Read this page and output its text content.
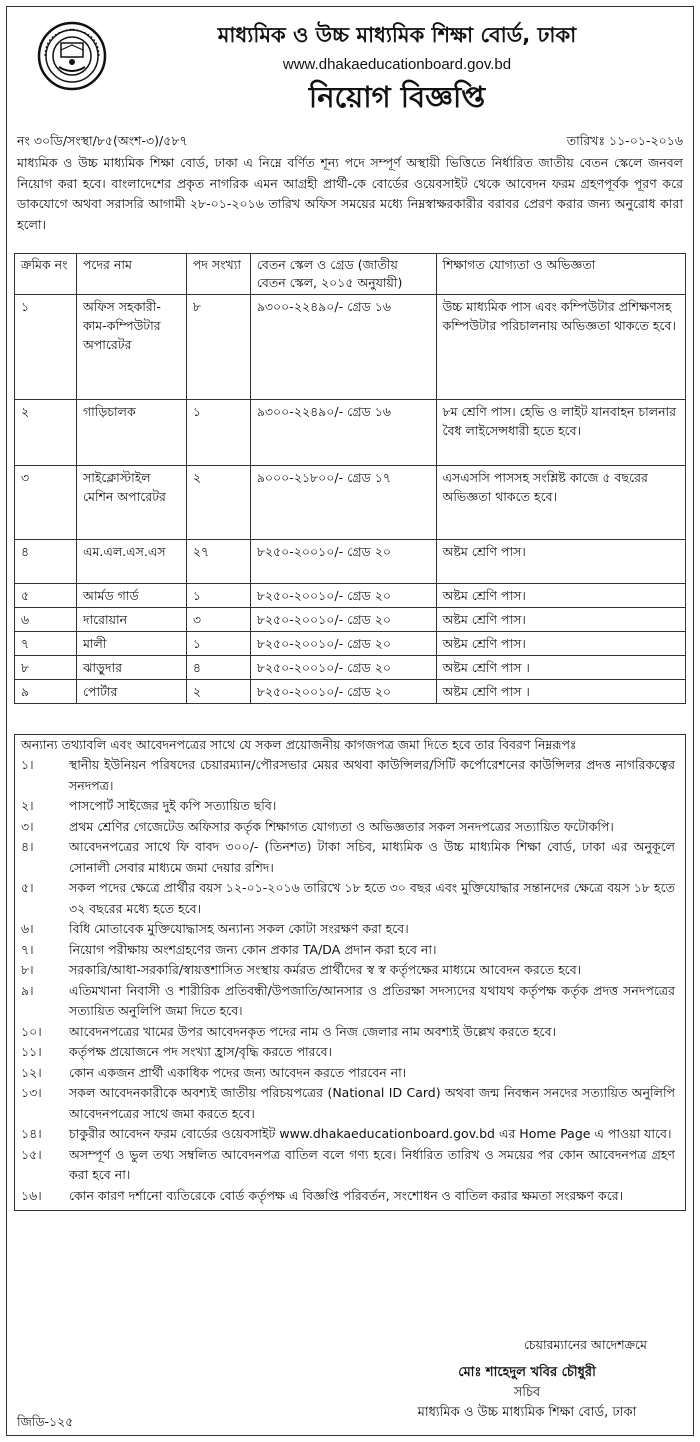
মাধ্যমিক ও উচ্চ মাধ্যমিক শিক্ষা বোর্ড, ঢাকা
www.dhakaeducationboard.gov.bd
নিয়োগ বিজ্ঞপ্তি
নং ৩০ডি/সংস্থা/৮৫(অংশ-৩)/৫৮৭	তারিখঃ ১১-০১-২০১৬

মাধ্যমিক ও উচ্চ মাধ্যমিক শিক্ষা বোর্ড, ঢাকা এ নিম্নে বর্ণিত শূন্য পদে সম্পূর্ণ অস্থায়ী ভিত্তিতে নির্ধারিত জাতীয় বেতন স্কেলে জনবল নিয়োগ করা হবে। বাংলাদেশের প্রকৃত নাগরিক এমন আগ্রহী প্রার্থী-কে বোর্ডের ওয়েবসাইট থেকে আবেদন ফরম গ্রহণপূর্বক পূরণ করে ডাকযোগে অথবা সরাসরি আগামী ২৮-০১-২০১৬ তারিখ অফিস সময়ের মধ্যে নিম্নস্বাক্ষরকারীর বরাবর প্রেরণ করার জন্য অনুরোধ কারা হলো।

ক্রমিক নং	পদের নাম	পদ সংখ্যা	বেতন স্কেল ও গ্রেড (জাতীয় বেতন স্কেল, ২০১৫ অনুযায়ী)	শিক্ষাগত যোগ্যতা ও অভিজ্ঞতা
১	অফিস সহকারী-কাম-কম্পিউটার অপারেটর	৮	৯৩০০-২২৪৯০/- গ্রেড ১৬	উচ্চ মাধ্যমিক পাস এবং কম্পিউটার প্রশিক্ষণসহ কম্পিউটার পরিচালনায় অভিজ্ঞতা থাকতে হবে।
২	গাড়িচালক	১	৯৩০০-২২৪৯০/- গ্রেড ১৬	৮ম শ্রেণি পাস। হেভি ও লাইট যানবাহন চালনার বৈধ লাইসেন্সধারী হতে হবে।
৩	সাইক্লোস্টাইল মেশিন অপারেটর	২	৯০০০-২১৮০০/- গ্রেড ১৭	এসএসসি পাসসহ সংশ্লিষ্ট কাজে ৫ বছরের অভিজ্ঞতা থাকতে হবে।
৪	এম.এল.এস.এস	২৭	৮২৫০-২০০১০/- গ্রেড ২০	অষ্টম শ্রেণি পাস।
৫	আর্মড গার্ড	১	৮২৫০-২০০১০/- গ্রেড ২০	অষ্টম শ্রেণি পাস।
৬	দারোয়ান	৩	৮২৫০-২০০১০/- গ্রেড ২০	অষ্টম শ্রেণি পাস।
৭	মালী	১	৮২৫০-২০০১০/- গ্রেড ২০	অষ্টম শ্রেণি পাস।
৮	ঝাড়ুদার	৪	৮২৫০-২০০১০/- গ্রেড ২০	অষ্টম শ্রেণি পাস ।
৯	পোর্টার	২	৮২৫০-২০০১০/- গ্রেড ২০	অষ্টম শ্রেণি পাস ।
অন্যান্য তথ্যাবলি এবং আবেদনপত্রের সাথে যে সকল প্রয়োজনীয় কাগজপত্র জমা দিতে হবে তার বিবরণ নিম্নরূপঃ
১।	স্থানীয় ইউনিয়ন পরিষদের চেয়ারম্যান/পৌরসভার মেয়র অথবা কাউন্সিলর/সিটি কর্পোরেশনের কাউন্সিলর প্রদত্ত নাগরিকত্বের সনদপত্র।
২।	পাসপোর্ট সাইজের দুই কপি সত্যায়িত ছবি।
৩।	প্রথম শ্রেণির গেজেটেড অফিসার কর্তৃক শিক্ষাগত যোগ্যতা ও অভিজ্ঞতার সকল সনদপত্রের সত্যায়িত ফটোকপি।
৪।	আবেদনপত্রের সাথে ফি বাবদ ৩০০/- (তিনশত) টাকা সচিব, মাধ্যমিক ও উচ্চ মাধ্যমিক শিক্ষা বোর্ড, ঢাকা এর অনুকূলে সোনালী সেবার মাধ্যমে জমা দেয়ার রশিদ।
৫।	সকল পদের ক্ষেত্রে প্রার্থীর বয়স ১২-০১-২০১৬ তারিখে ১৮ হতে ৩০ বছর এবং মুক্তিযোদ্ধার সন্তানদের ক্ষেত্রে বয়স ১৮ হতে ৩২ বছরের মধ্যে হতে হবে।
৬।	বিধি মোতাবেক মুক্তিযোদ্ধাসহ অন্যান্য সকল কোটা সংরক্ষণ করা হবে।
৭।	নিয়োগ পরীক্ষায় অংশগ্রহণের জন্য কোন প্রকার TA/DA প্রদান করা হবে না।
৮।	সরকারি/আধা-সরকারি/স্বায়ত্তশাসিত সংস্থায় কর্মরত প্রার্থীদের স্ব স্ব কর্তৃপক্ষের মাধ্যমে আবেদন করতে হবে।
৯।	এতিমখানা নিবাসী ও শারীরিক প্রতিবন্ধী/উপজাতি/আনসার ও প্রতিরক্ষা সদস্যদের যথাযথ কর্তৃপক্ষ কর্তৃক প্রদত্ত সনদপত্রের সত্যায়িত অনুলিপি জমা দিতে হবে।
১০।	আবেদনপত্রের খামের উপর আবেদনকৃত পদের নাম ও নিজ জেলার নাম অবশ্যই উল্লেখ করতে হবে।
১১।	কর্তৃপক্ষ প্রয়োজনে পদ সংখ্যা হ্রাস/বৃদ্ধি করতে পারবে।
১২।	কোন একজন প্রার্থী একাধিক পদের জন্য আবেদন করতে পারবেন না।
১৩।	সকল আবেদনকারীকে অবশ্যই জাতীয় পরিচয়পত্রের (National ID Card) অথবা জন্ম নিবন্ধন সনদের সত্যায়িত অনুলিপি আবেদনপত্রের সাথে জমা করতে হবে।
১৪।	চাকুরীর আবেদন ফরম বোর্ডের ওয়েবসাইট www.dhakaeducationboard.gov.bd এর Home Page এ পাওয়া যাবে।
১৫।	অসম্পূর্ণ ও ভুল তথ্য সম্বলিত আবেদনপত্র বাতিল বলে গণ্য হবে। নির্ধারিত তারিখ ও সময়ের পর কোন আবেদনপত্র গ্রহণ করা হবে না।
১৬।	কোন কারণ দর্শানো ব্যতিরেকে বোর্ড কর্তৃপক্ষ এ বিজ্ঞপ্তি পরিবর্তন, সংশোধন ও বাতিল করার ক্ষমতা সংরক্ষণ করে।
চেয়ারম্যানের আদেশক্রমে
মোঃ শাহেদুল খবির চৌধুরী
সচিব
মাধ্যমিক ও উচ্চ মাধ্যমিক শিক্ষা বোর্ড, ঢাকা
জিডি-১২৫
